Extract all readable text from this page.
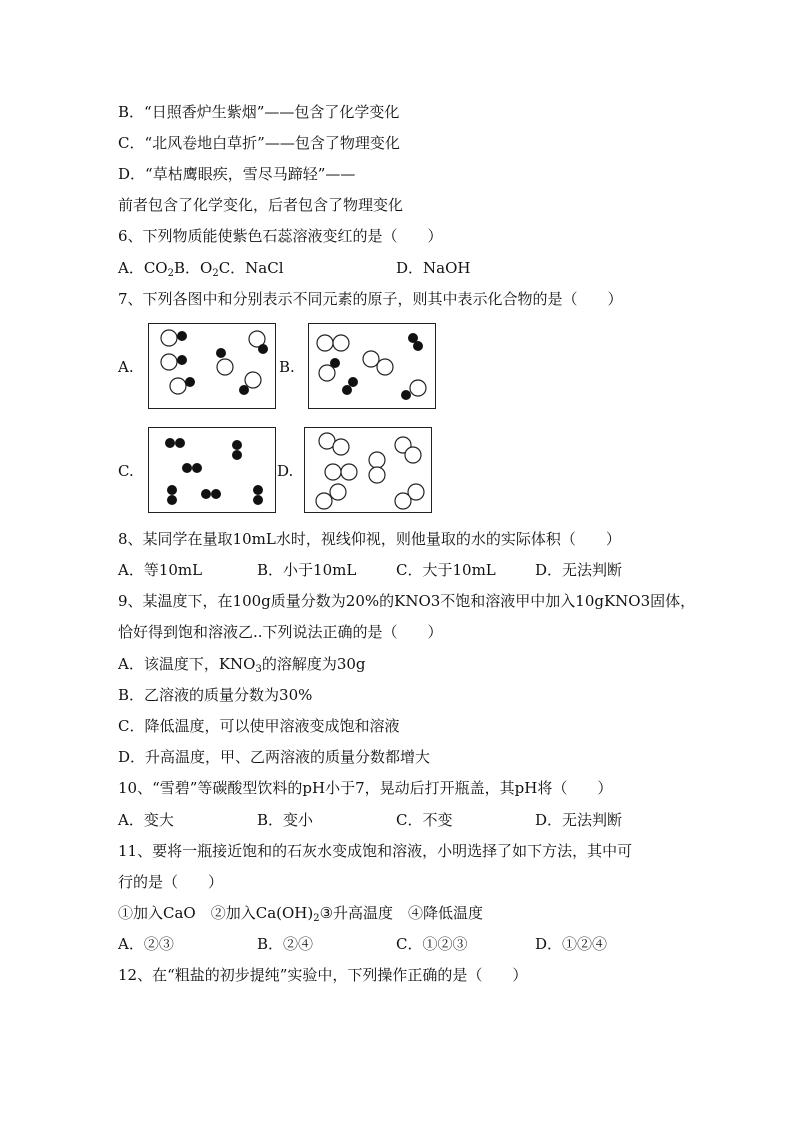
B．“日照香炉生紫烟”——包含了化学变化
C．“北风卷地白草折”——包含了物理变化
D．“草枯鹰眼疾，雪尽马蹄轻”——
前者包含了化学变化，后者包含了物理变化
6、下列物质能使紫色石蕊溶液变红的是（　　）
A．$CO_2B$．$O_2C$．NaCl	D．NaOH
7、下列各图中和分别表示不同元素的原子，则其中表示化合物的是（　　）
A.	B.
C.	D.
8、某同学在量取10mL水时，视线仰视，则他量取的水的实际体积（　　）
A．等10mL	B．小于10mL	C．大于10mL	D．无法判断
9、某温度下，在100g质量分数为20%的KNO3不饱和溶液甲中加入10gKNO3固体，
恰好得到饱和溶液乙..下列说法正确的是（　　）
A．该温度下，$KNO_3$的溶解度为30g
B．乙溶液的质量分数为30%
C．降低温度，可以使甲溶液变成饱和溶液
D．升高温度，甲、乙两溶液的质量分数都增大
10、“雪碧”等碳酸型饮料的pH小于7，晃动后打开瓶盖，其pH将（　　）
A．变大	B．变小	C．不变	D．无法判断
11、要将一瓶接近饱和的石灰水变成饱和溶液，小明选择了如下方法，其中可
行的是（　　）
①加入CaO　②加入$Ca(OH)_2③$升高温度　④降低温度
A．②③	B．②④	C．①②③	D．①②④
12、在“粗盐的初步提纯”实验中，下列操作正确的是（　　）
